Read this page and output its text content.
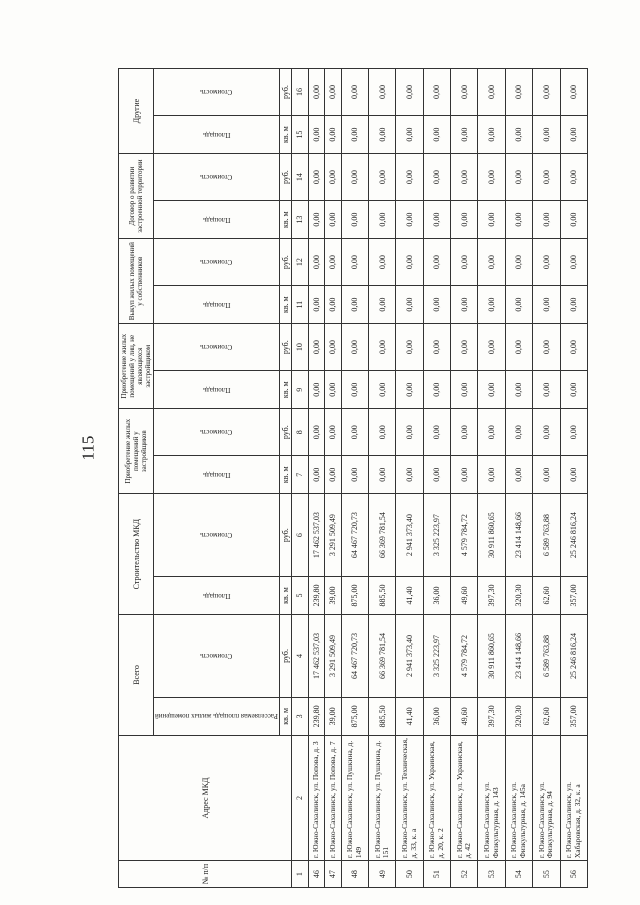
115
№ п/п	Адрес МКД	Всего		Строительство МКД		Приобретение жилых помещений у застройщиков		Приобретение жилых помещений у лиц, не являющихся застройщиком		Выкуп жилых помещений у собственников		Договор о развитии застроенной территории		Другие	

		Расселяемая площадь жилых помещений	Стоимость	Площадь	Стоимость	Площадь	Стоимость	Площадь	Стоимость	Площадь	Стоимость	Площадь	Стоимость	Площадь	Стоимость

		кв. м	руб.	кв. м	руб.	кв. м	руб.	кв. м	руб.	кв. м	руб.	кв. м	руб.	кв. м	руб.
1	2	3	4	5	6	7	8	9	10	11	12	13	14	15	16
46	г. Южно-Сахалинск, ул. Попова, д. 3	239,80	17 462 537,03	239,80	17 462 537,03	0,00	0,00	0,00	0,00	0,00	0,00	0,00	0,00	0,00	0,00
47	г. Южно-Сахалинск, ул. Попова, д. 7	39,00	3 291 509,49	39,00	3 291 509,49	0,00	0,00	0,00	0,00	0,00	0,00	0,00	0,00	0,00	0,00
48	г. Южно-Сахалинск, ул. Пушкина, д. 149	875,00	64 467 720,73	875,00	64 467 720,73	0,00	0,00	0,00	0,00	0,00	0,00	0,00	0,00	0,00	0,00
49	г. Южно-Сахалинск, ул. Пушкина, д. 151	885,50	66 369 781,54	885,50	66 369 781,54	0,00	0,00	0,00	0,00	0,00	0,00	0,00	0,00	0,00	0,00
50	г. Южно-Сахалинск, ул. Техническая, д. 33, к. а	41,40	2 941 373,40	41,40	2 941 373,40	0,00	0,00	0,00	0,00	0,00	0,00	0,00	0,00	0,00	0,00
51	г. Южно-Сахалинск, ул. Украинская, д. 20, к. 2	36,00	3 325 223,97	36,00	3 325 223,97	0,00	0,00	0,00	0,00	0,00	0,00	0,00	0,00	0,00	0,00
52	г. Южно-Сахалинск, ул. Украинская, д. 42	49,60	4 579 784,72	49,60	4 579 784,72	0,00	0,00	0,00	0,00	0,00	0,00	0,00	0,00	0,00	0,00
53	г. Южно-Сахалинск, ул. Физкультурная, д. 143	397,30	30 911 860,65	397,30	30 911 860,65	0,00	0,00	0,00	0,00	0,00	0,00	0,00	0,00	0,00	0,00
54	г. Южно-Сахалинск, ул. Физкультурная, д. 145а	320,30	23 414 148,66	320,30	23 414 148,66	0,00	0,00	0,00	0,00	0,00	0,00	0,00	0,00	0,00	0,00
55	г. Южно-Сахалинск, ул. Физкультурная, д. 94	62,60	6 589 763,88	62,60	6 589 763,88	0,00	0,00	0,00	0,00	0,00	0,00	0,00	0,00	0,00	0,00
56	г. Южно-Сахалинск, ул. Хабаровская, д. 32, к. а	357,00	25 246 816,24	357,00	25 246 816,24	0,00	0,00	0,00	0,00	0,00	0,00	0,00	0,00	0,00	0,00
